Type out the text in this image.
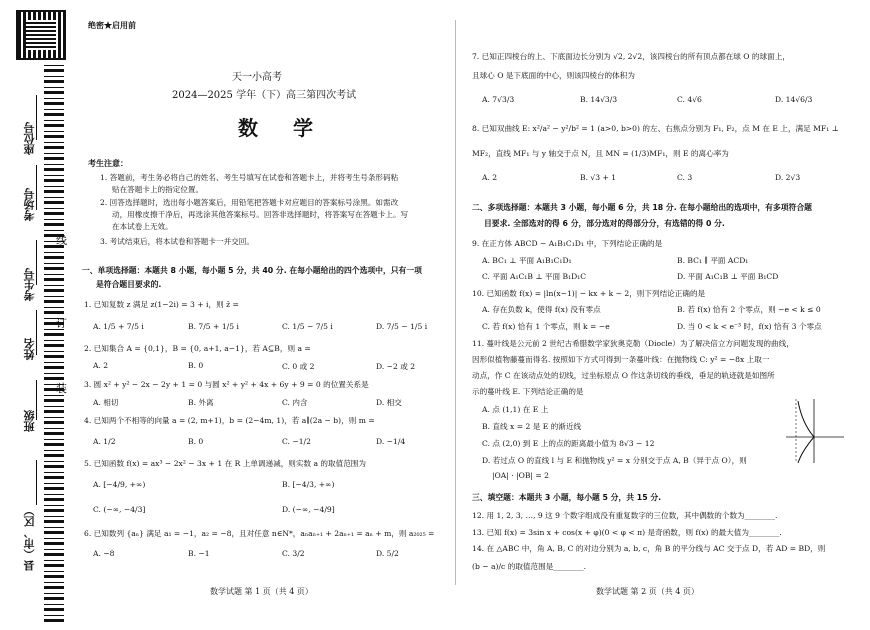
座位号
考场号
考生号
姓名
班级
县（市、区）
线
订
装
绝密★启用前
天一小高考
2024—2025 学年（下）高三第四次考试
数 学
考生注意：
1. 答题前，考生务必将自己的姓名、考生号填写在试卷和答题卡上，并将考生号条形码粘
贴在答题卡上的指定位置。
2. 回答选择题时，选出每小题答案后，用铅笔把答题卡对应题目的答案标号涂黑。如需改
动，用橡皮擦干净后，再选涂其他答案标号。回答非选择题时，将答案写在答题卡上。写
在本试卷上无效。
3. 考试结束后，将本试卷和答题卡一并交回。
一、单项选择题：本题共 8 小题，每小题 5 分，共 40 分. 在每小题给出的四个选项中，只有一项
是符合题目要求的.
1. 已知复数 z 满足 z(1−2i) = 3 + i，则 z̄ =
A. 1/5 + 7/5 i	B. 7/5 + 1/5 i	C. 1/5 − 7/5 i	D. 7/5 − 1/5 i
2. 已知集合 A = {0,1}，B = {0, a+1, a−1}，若 A⊆B，则 a =
A. 2	B. 0	C. 0 或 2	D. −2 或 2
3. 圆 x² + y² − 2x − 2y + 1 = 0 与圆 x² + y² + 4x + 6y + 9 = 0 的位置关系是
A. 相切	B. 外离	C. 内含	D. 相交
4. 已知两个不相等的向量 a = (2, m+1)，b = (2−4m, 1)，若 a∥(2a − b)，则 m =
A. 1/2	B. 0	C. −1/2	D. −1/4
5. 已知函数 f(x) = ax³ − 2x² − 3x + 1 在 R 上单调递减，则实数 a 的取值范围为
A. [−4/9, +∞)	B. [−4/3, +∞)
C. (−∞, −4/3]	D. (−∞, −4/9]
6. 已知数列 {aₙ} 满足 a₁ = −1，a₂ = −8，且对任意 n∈N*，aₙaₙ₊₁ + 2aₙ₊₁ = aₙ + m，则 a₂₀₂₅ =
A. −8	B. −1	C. 3/2	D. 5/2
数学试题 第 1 页（共 4 页）
7. 已知正四棱台的上、下底面边长分别为 √2, 2√2，该四棱台的所有顶点都在球 O 的球面上，
且球心 O 是下底面的中心，则该四棱台的体积为
A. 7√3/3	B. 14√3/3	C. 4√6	D. 14√6/3
8. 已知双曲线 E: x²/a² − y²/b² = 1 (a>0, b>0) 的左、右焦点分别为 F₁, F₂，点 M 在 E 上，满足 MF₁ ⊥
MF₂，直线 MF₁ 与 y 轴交于点 N，且 MN = (1/3)MF₁，则 E 的离心率为
A. 2	B. √3 + 1	C. 3	D. 2√3
9. 在正方体 ABCD − A₁B₁C₁D₁ 中，下列结论正确的是
A. BC₁ ⊥ 平面 A₁B₁C₁D₁	B. BC₁ ∥ 平面 ACD₁
C. 平面 A₁C₁B ⊥ 平面 B₁D₁C	D. 平面 A₁C₁B ⊥ 平面 B₁CD
10. 已知函数 f(x) = |ln(x−1)| − kx + k − 2，则下列结论正确的是
A. 存在负数 k，使得 f(x) 没有零点	B. 若 f(x) 恰有 2 个零点，则 −e < k ≤ 0
C. 若 f(x) 恰有 1 个零点，则 k = −e	D. 当 0 < k < e⁻³ 时，f(x) 恰有 3 个零点
11. 蔓叶线是公元前 2 世纪古希腊数学家狄奥克勒（Diocle）为了解决倍立方问题发现的曲线，
因形似植物藤蔓而得名. 按照如下方式可得到一条蔓叶线：在抛物线 C: y² = −8x 上取一
动点，作 C 在该动点处的切线，过坐标原点 O 作这条切线的垂线，垂足的轨迹就是如图所
示的蔓叶线 E. 下列结论正确的是
A. 点 (1,1) 在 E 上
B. 直线 x = 2 是 E 的渐近线
C. 点 (2,0) 到 E 上的点的距离最小值为 8√3 − 12
D. 若过点 O 的直线 l 与 E 和抛物线 y² = x 分别交于点 A, B（异于点 O），则
|OA| · |OB| = 2
12. 用 1, 2, 3, …, 9 这 9 个数字组成没有重复数字的三位数，其中偶数的个数为________.
13. 已知 f(x) = 3sin x + cos(x + φ)(0 < φ < π) 是奇函数，则 f(x) 的最大值为________.
14. 在 △ABC 中，角 A, B, C 的对边分别为 a, b, c，角 B 的平分线与 AC 交于点 D，若 AD = BD，则
(b − a)/c 的取值范围是________.
二、多项选择题：本题共 3 小题，每小题 6 分，共 18 分. 在每小题给出的选项中，有多项符合题
目要求. 全部选对的得 6 分，部分选对的得部分分，有选错的得 0 分.
三、填空题：本题共 3 小题，每小题 5 分，共 15 分.
数学试题 第 2 页（共 4 页）
